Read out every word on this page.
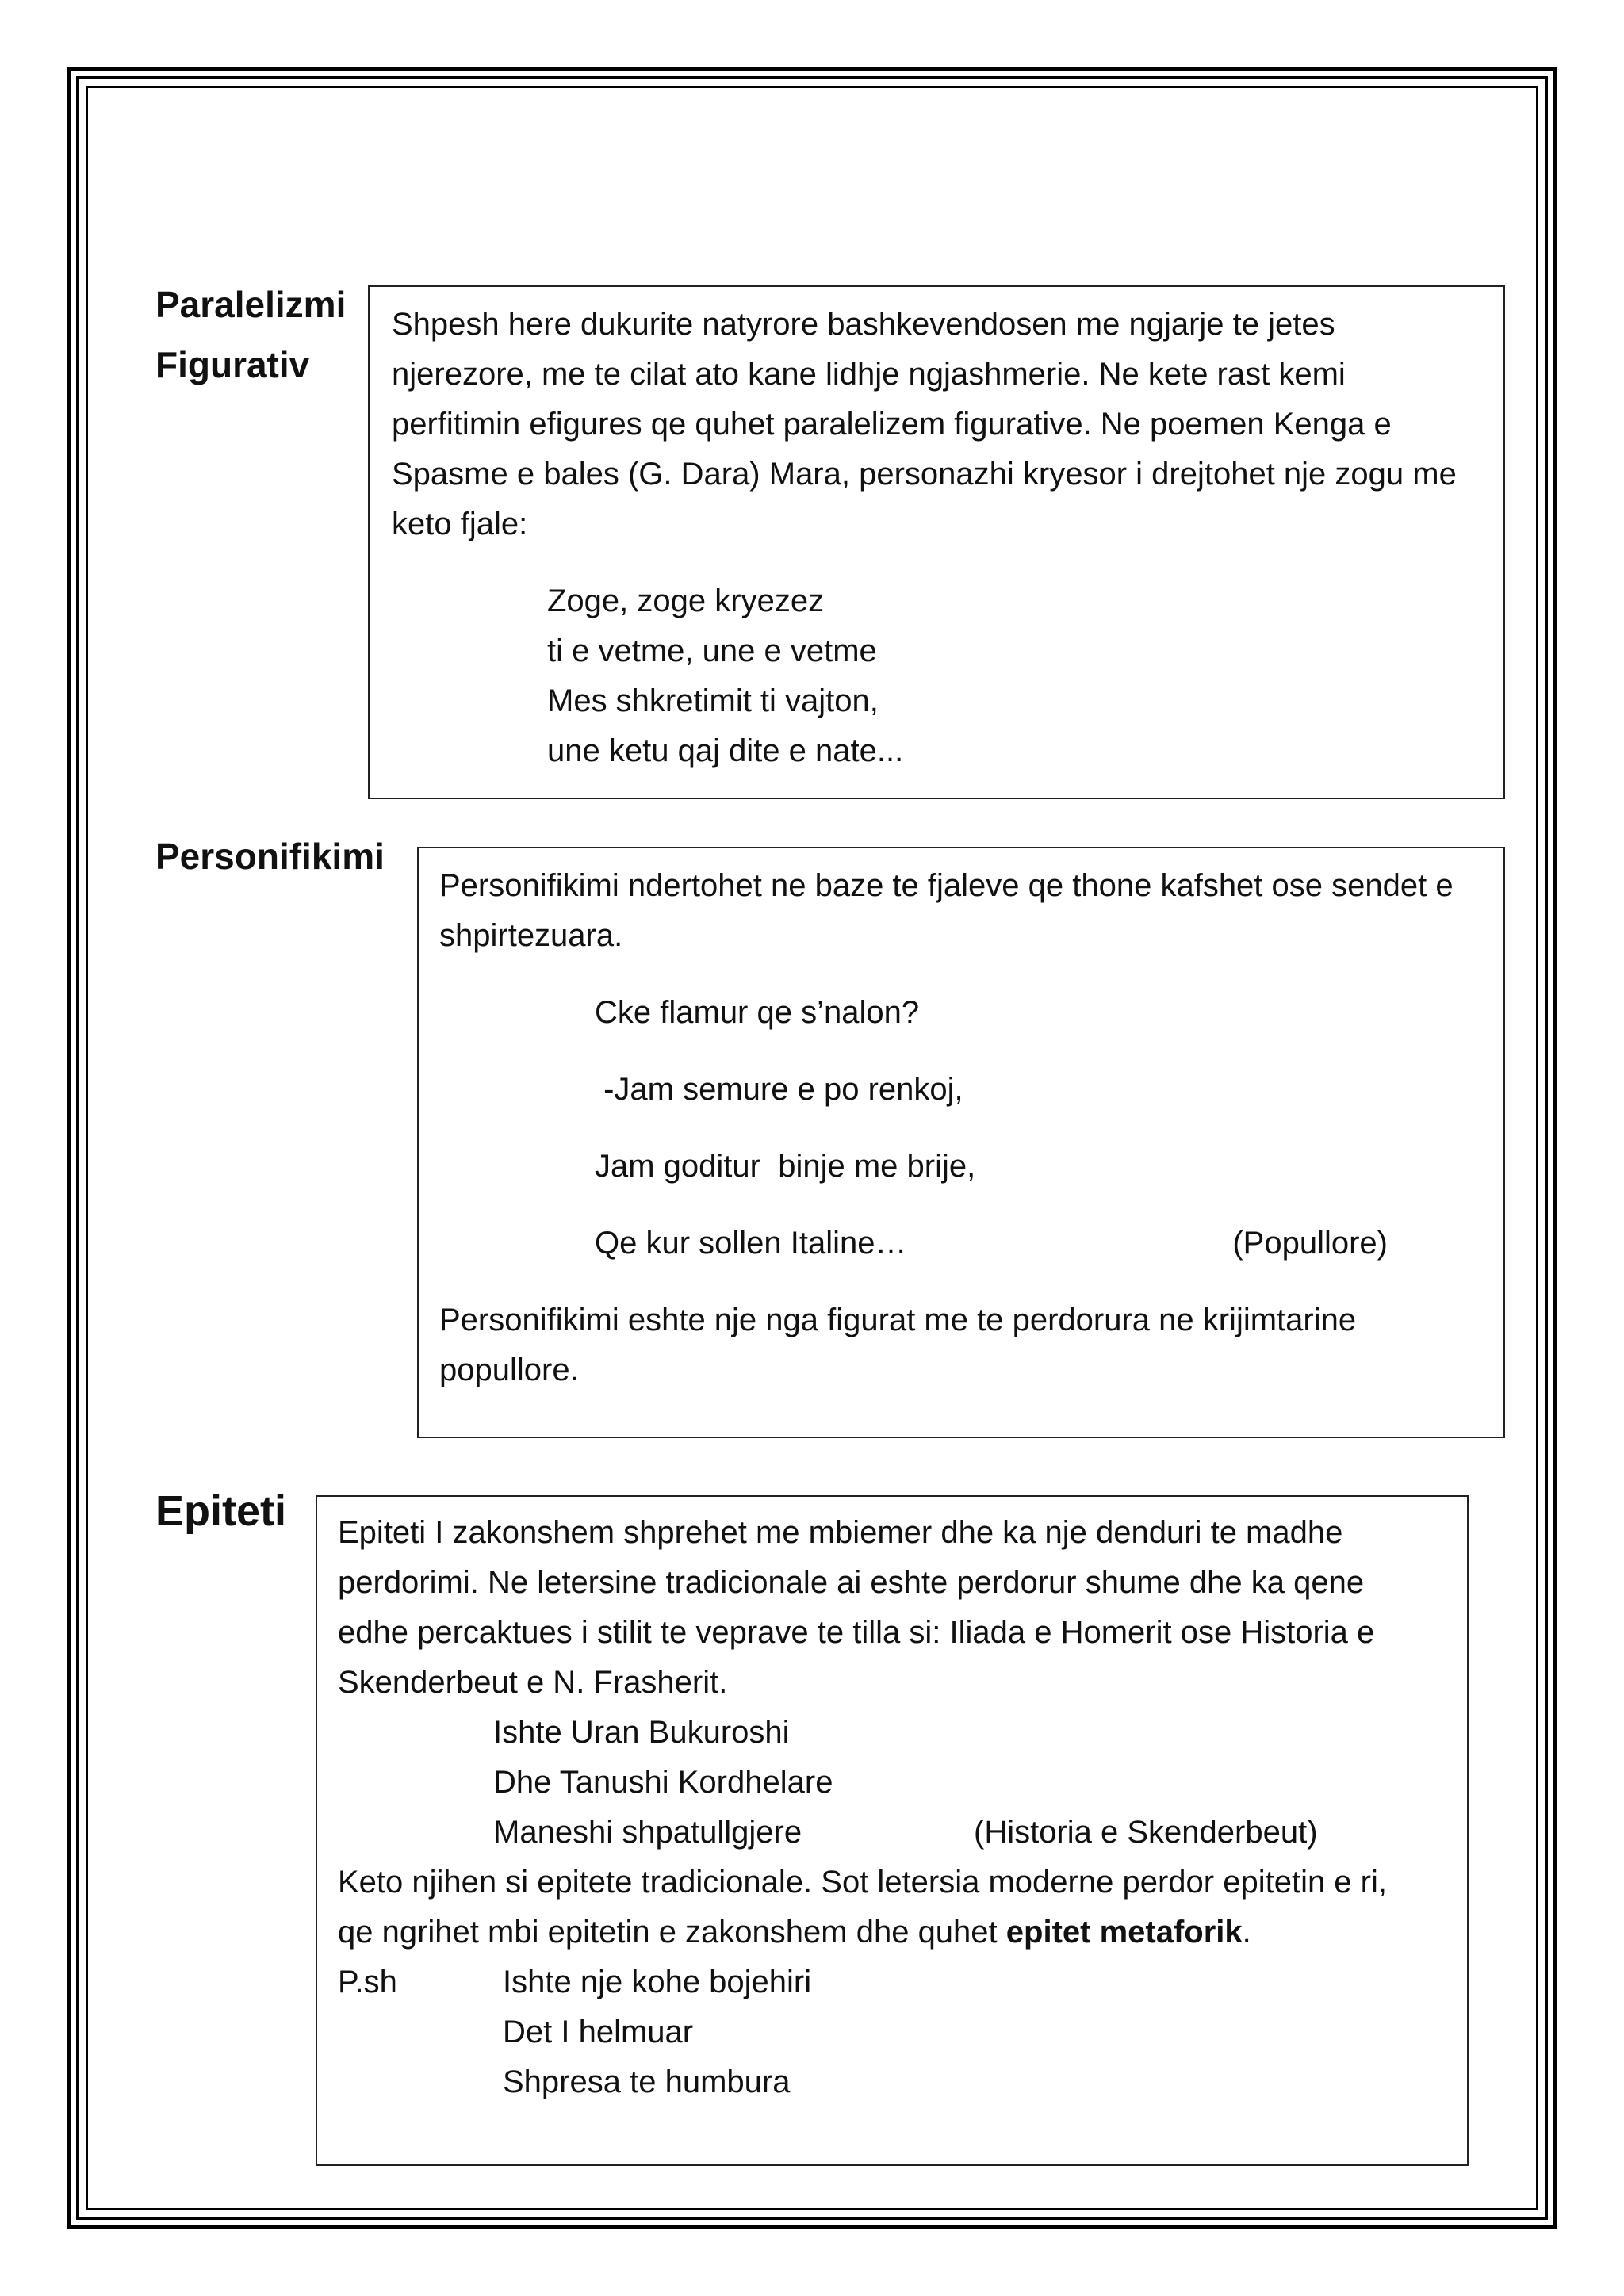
Paralelizmi
Figurativ

Shpesh here dukurite natyrore bashkevendosen me ngjarje te jetes

njerezore, me te cilat ato kane lidhje ngjashmerie. Ne kete rast kemi

perfitimin efigures qe quhet paralelizem figurative. Ne poemen Kenga e

Spasme e bales (G. Dara) Mara, personazhi kryesor i drejtohet nje zogu me

keto fjale:

Zoge, zoge kryezez

ti e vetme, une e vetme

Mes shkretimit ti vajton,

une ketu qaj dite e nate...

Personifikimi

Personifikimi ndertohet ne baze te fjaleve qe thone kafshet ose sendet e

shpirtezuara.

Cke flamur qe s’nalon?

-Jam semure e po renkoj,

Jam goditur  binje me brije,

Qe kur sollen Italine…	(Popullore)

Personifikimi eshte nje nga figurat me te perdorura ne krijimtarine

popullore.

Epiteti Epiteti I zakonshem shprehet me mbiemer dhe ka nje denduri te madhe

perdorimi. Ne letersine tradicionale ai eshte perdorur shume dhe ka qene

edhe percaktues i stilit te veprave te tilla si: Iliada e Homerit ose Historia e

Skenderbeut e N. Frasherit.

Ishte Uran Bukuroshi

Dhe Tanushi Kordhelare

Maneshi shpatullgjere	(Historia e Skenderbeut)

Keto njihen si epitete tradicionale. Sot letersia moderne perdor epitetin e ri,

qe ngrihet mbi epitetin e zakonshem dhe quhet epitet metaforik.

P.sh	Ishte nje kohe bojehiri

Det I helmuar

Shpresa te humbura
